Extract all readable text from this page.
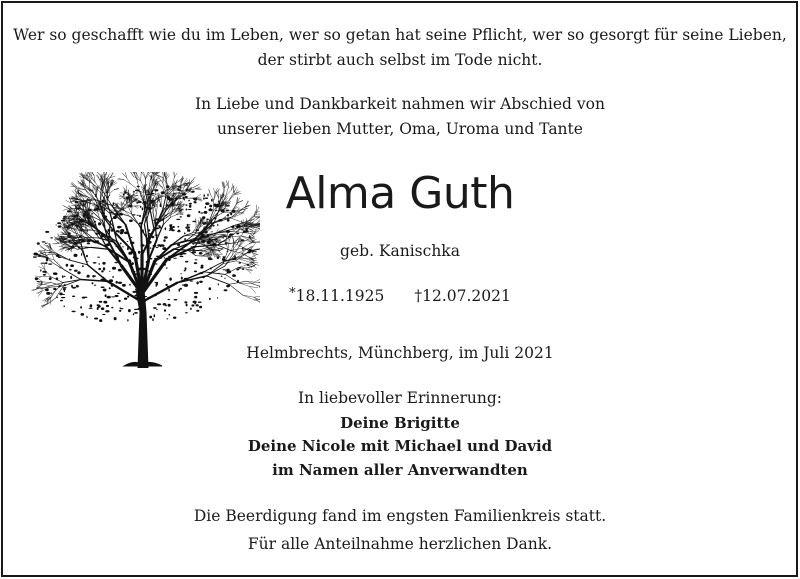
Wer so geschafft wie du im Leben, wer so getan hat seine Pflicht, wer so gesorgt für seine Lieben,
der stirbt auch selbst im Tode nicht.
In Liebe und Dankbarkeit nahmen wir Abschied von
unserer lieben Mutter, Oma, Uroma und Tante
Alma Guth
geb. Kanischka
*18.11.1925 †12.07.2021
Helmbrechts, Münchberg, im Juli 2021
In liebevoller Erinnerung:
Deine Brigitte
Deine Nicole mit Michael und David
im Namen aller Anverwandten
Die Beerdigung fand im engsten Familienkreis statt.
Für alle Anteilnahme herzlichen Dank.
